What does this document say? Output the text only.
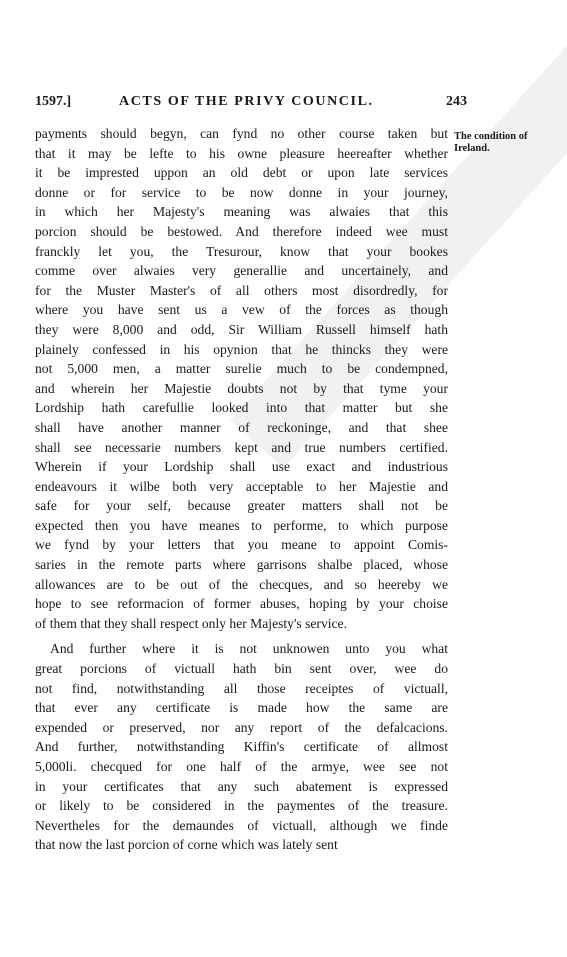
1597.]	ACTS OF THE PRIVY COUNCIL.	243
The condition of Ireland.
payments should begyn, can fynd no other course taken but
that it may be lefte to his owne pleasure heereafter whether
it be imprested uppon an old debt or upon late services
donne or for service to be now donne in your journey,
in which her Majesty's meaning was alwaies that this
porcion should be bestowed. And therefore indeed wee must
franckly let you, the Tresurour, know that your bookes
comme over alwaies very generallie and uncertainely, and
for the Muster Master's of all others most disordredly, for
where you have sent us a vew of the forces as though
they were 8,000 and odd, Sir William Russell himself hath
plainely confessed in his opynion that he thincks they were
not 5,000 men, a matter surelie much to be condempned,
and wherein her Majestie doubts not by that tyme your
Lordship hath carefullie looked into that matter but she
shall have another manner of reckoninge, and that shee
shall see necessarie numbers kept and true numbers certified.
Wherein if your Lordship shall use exact and industrious
endeavours it wilbe both very acceptable to her Majestie and
safe for your self, because greater matters shall not be
expected then you have meanes to performe, to which purpose
we fynd by your letters that you meane to appoint Comis-
saries in the remote parts where garrisons shalbe placed, whose
allowances are to be out of the checques, and so heereby we
hope to see reformacion of former abuses, hoping by your choise
of them that they shall respect only her Majesty's service.
And further where it is not unknowen unto you what
great porcions of victuall hath bin sent over, wee do
not find, notwithstanding all those receiptes of victuall,
that ever any certificate is made how the same are
expended or preserved, nor any report of the defalcacions.
And further, notwithstanding Kiffin's certificate of allmost
5,000li. checqued for one half of the armye, wee see not
in your certificates that any such abatement is expressed
or likely to be considered in the paymentes of the treasure.
Nevertheles for the demaundes of victuall, although we finde
that now the last porcion of corne which was lately sent
